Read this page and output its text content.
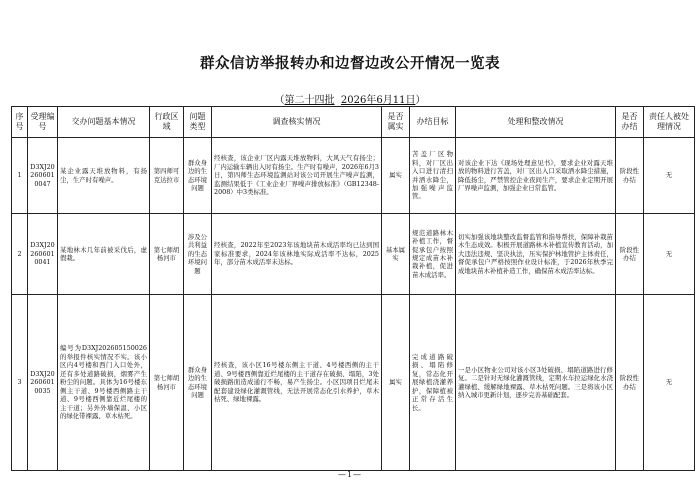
群众信访举报转办和边督边改公开情况一览表
（第二十四批 2026年6月11日）
序号	受理编号	交办问题基本情况	行政区域	问题类型	调查核实情况	是否属实	办结目标	处理和整改情况	是否办结	责任人被处理情况
1	D3XJ202606010047	某企业露天堆放物料，有扬尘，生产时有噪声。	第四师可克达拉市	群众身边的生态环境问题	经核查，该企业厂区内露天堆放物料，大风天气有扬尘；厂内运输车辆出入时有扬尘。生产时有噪声，2026年6月3日，第四师生态环境监测站对该公司开展生产噪声监测，监测结果低于《工业企业厂界噪声排放标准》（GB12348-2008）中3类标准。	属实	苫盖厂区物料，对厂区出入口进行清扫并洒水降尘，加强噪声监管。	对该企业下达《现场处理意见书》，要求企业对露天堆放的物料进行苫盖，对厂区出入口采取洒水降尘措施，降低扬尘，严禁管控企业夜间生产，要求企业定期开展厂界噪声监测，加强企业日常监管。	阶段性办结	无
2	D3XJ202606010041	某地林木几年前被采伐后，虚假栽。	第七师胡杨河市	涉及公共利益的生态环境问题	经核查，2022年至2023年该地块苗木成活率均已达到国家标准要求，2024年该林地实际成活率不达标，2025年，部分苗木成活率未达标。	基本属实	规范道路林木补植工作，督促承包户按照规定成苗木补栽补植，促进苗木成活率。	切实加强该地块整改监督监管和指导帮扶，保障补栽苗木生态成效。积极开展道路林木补植宣传教育活动，加大违法违规、坚决执法，压实保护林地管护主体责任，督促承包户严格按照作业设计标准，于2026年秋季完成地块苗木补植补造工作，确保苗木成活率达标。	阶段性办结	无
3	D3XJ202606010035	编号为D3XJ202605150026的举报件核实情况不实。该小区内4号楼和西门入口处外，还有多处道路破损，烟雾产生粉尘的问题。具体为16号楼东侧主干道、9号楼西侧路主干道、9号楼西侧靠近烂尾楼的主干道；另外外墙保温、小区的绿化带裸露、草木枯死。	第七师胡杨河市	群众身边的生态环境问题	经核查，该小区16号楼东侧主干道、4号楼西侧的主干道、9号楼西侧靠近烂尾楼的主干道存在破损、塌陷，3处破损路面造成通行不畅，易产生扬尘。小区因项目烂尾未配套建设绿化灌溉管线，无法开展常态化引水养护，草木枯死、绿地裸露。	属实	完成道路破损、塌陷修复，常态化开展绿植浇灌养护，保障植被正常存活生长。	一是小区物业公司对该小区3处破损、塌陷道路进行修复。二是针对无绿化灌溉管线，定期水车拉运绿化水浇灌绿植、缓解绿地裸露、草木枯死问题。三是将该小区纳入城市更新计划，逐步完善基础配套。	阶段性办结	无
—1—
